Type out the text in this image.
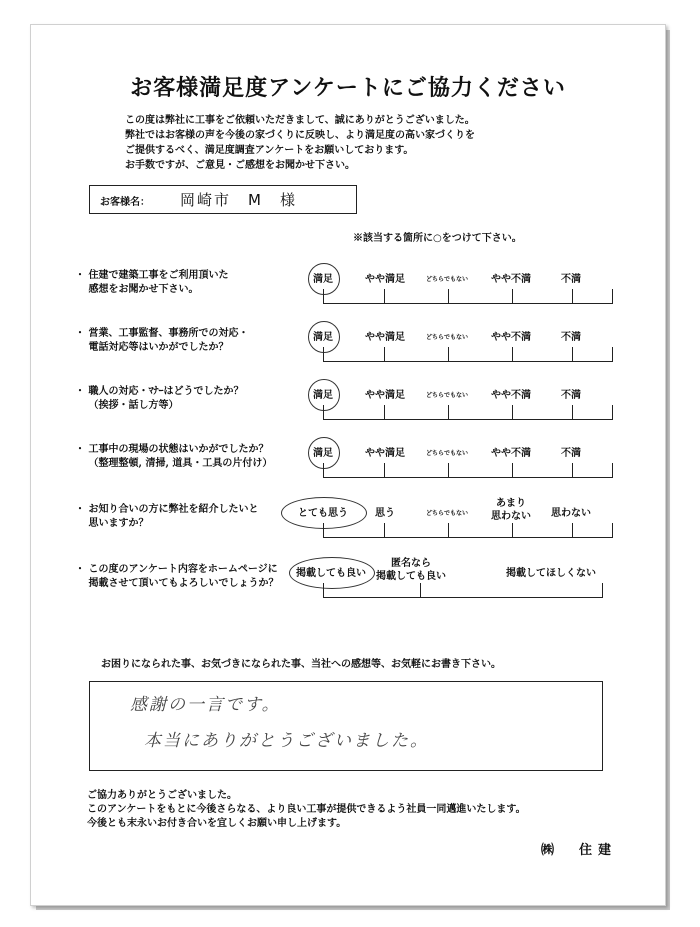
お客様満足度アンケートにご協力ください
この度は弊社に工事をご依頼いただきまして、誠にありがとうございました。
弊社ではお客様の声を今後の家づくりに反映し、より満足度の高い家づくりを
ご提供するべく、満足度調査アンケートをお願いしております。
お手数ですが、ご意見・ご感想をお聞かせ下さい。
お客様名： 岡崎市　M　様
※該当する箇所に○をつけて下さい。
・ 住建で建築工事をご利用頂いた
　 感想をお聞かせ下さい。
満足	やや満足	どちらでもない やや不満	不満
・ 営業、工事監督、事務所での対応・
　 電話対応等はいかがでしたか？
満足	やや満足	どちらでもない やや不満	不満
・ 職人の対応・ﾏﾅｰはどうでしたか？
　 （挨拶・話し方等）
満足	やや満足	どちらでもない やや不満	不満
・ 工事中の現場の状態はいかがでしたか？
　 （整理整頓, 清掃, 道具・工具の片付け）
満足	やや満足	どちらでもない やや不満	不満
・ お知り合いの方に弊社を紹介したいと
　 思いますか？
とても思う	思う	どちらでもない
あまり
思わない 思わない
・ この度のアンケート内容をホームページに
　 掲載させて頂いてもよろしいでしょうか？
掲載しても良い
匿名なら
掲載しても良い	掲載してほしくない
お困りになられた事、お気づきになられた事、当社への感想等、お気軽にお書き下さい。
感謝の一言です。
本当にありがとうございました。
ご協力ありがとうございました。
このアンケートをもとに今後さらなる、より良い工事が提供できるよう社員一同邁進いたします。
今後とも末永いお付き合いを宜しくお願い申し上げます。
㈱　住建
